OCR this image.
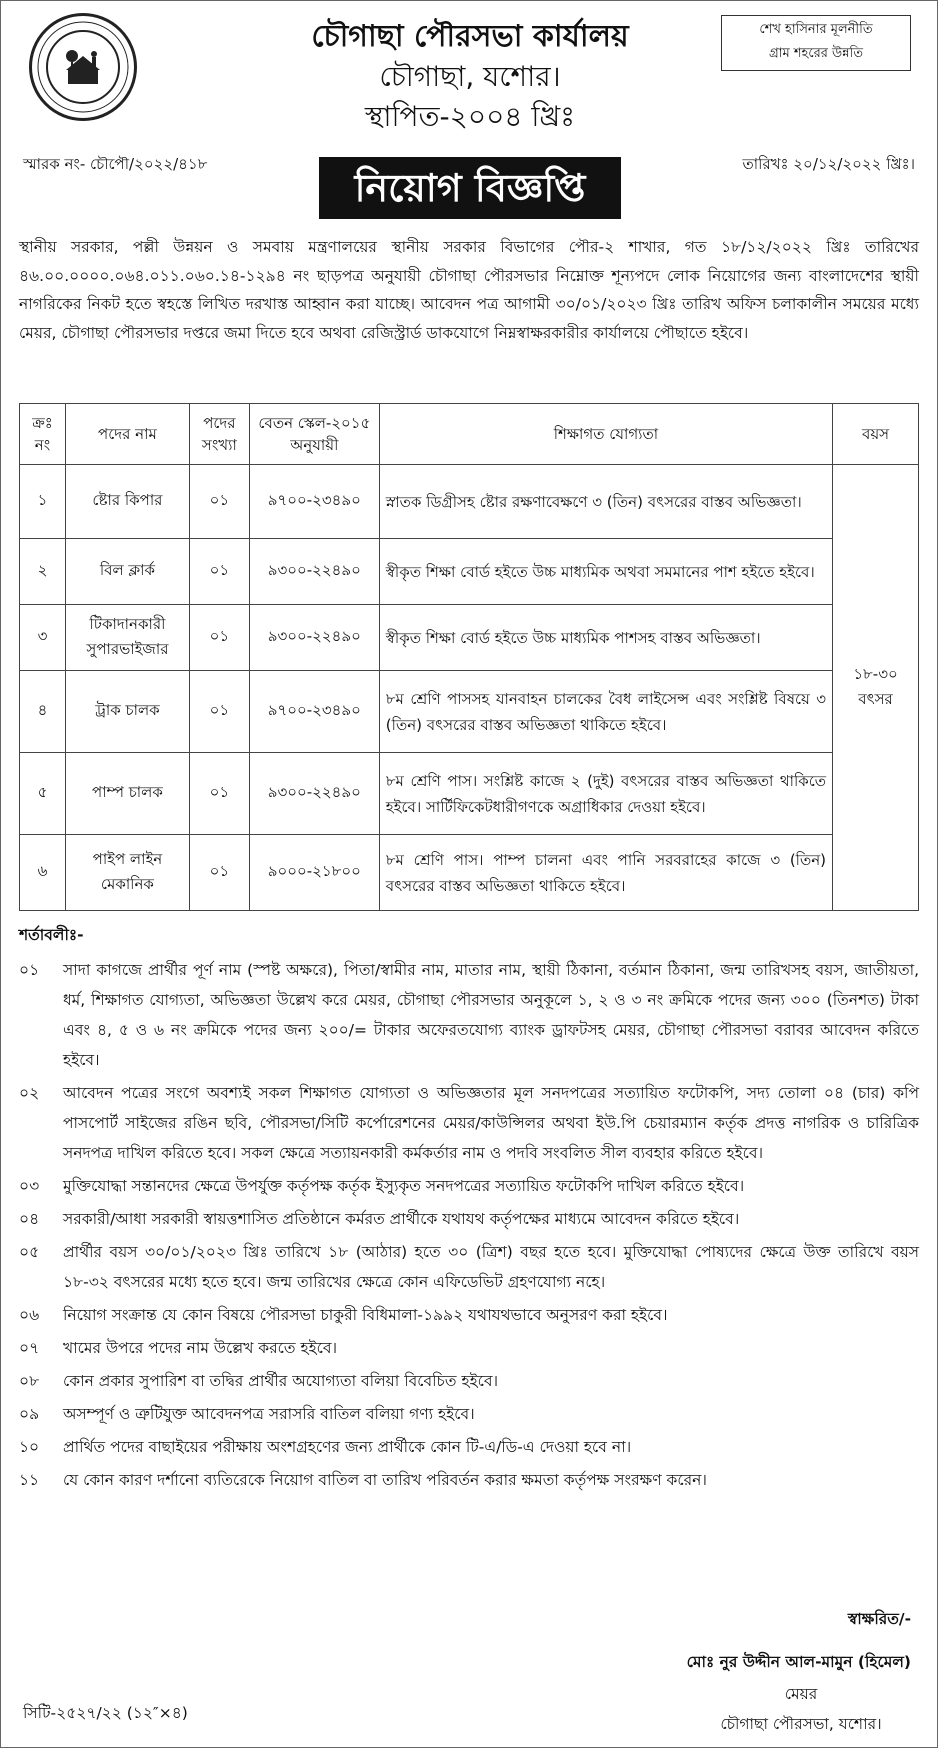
চৌগাছা পৌরসভা কার্যালয়
চৌগাছা, যশোর।
স্থাপিত-২০০৪ খ্রিঃ
শেখ হাসিনার মূলনীতি
গ্রাম শহরের উন্নতি
স্মারক নং- চৌপৌ/২০২২/৪১৮	তারিখঃ ২০/১২/২০২২ খ্রিঃ।
নিয়োগ বিজ্ঞপ্তি
স্থানীয় সরকার, পল্লী উন্নয়ন ও সমবায় মন্ত্রণালয়ের স্থানীয় সরকার বিভাগের পৌর-২ শাখার, গত ১৮/১২/২০২২ খ্রিঃ তারিখের ৪৬.০০.০০০০.০৬৪.০১১.০৬০.১৪-১২৯৪ নং ছাড়পত্র অনুযায়ী চৌগাছা পৌরসভার নিম্নোক্ত শূন্যপদে লোক নিয়োগের জন্য বাংলাদেশের স্থায়ী নাগরিকের নিকট হতে স্বহস্তে লিখিত দরখাস্ত আহ্বান করা যাচ্ছে। আবেদন পত্র আগামী ৩০/০১/২০২৩ খ্রিঃ তারিখ অফিস চলাকালীন সময়ের মধ্যে মেয়র, চৌগাছা পৌরসভার দপ্তরে জমা দিতে হবে অথবা রেজিস্ট্রার্ড ডাকযোগে নিম্নস্বাক্ষরকারীর কার্যালয়ে পৌছাতে হইবে।
ক্রঃ নং	পদের নাম	পদের সংখ্যা	বেতন স্কেল-২০১৫ অনুযায়ী	শিক্ষাগত যোগ্যতা	বয়স
১	ষ্টোর কিপার	০১	৯৭০০-২৩৪৯০	স্নাতক ডিগ্রীসহ ষ্টোর রক্ষণাবেক্ষণে ৩ (তিন) বৎসরের বাস্তব অভিজ্ঞতা।	১৮-৩০ বৎসর
২	বিল ক্লার্ক	০১	৯৩০০-২২৪৯০	স্বীকৃত শিক্ষা বোর্ড হইতে উচ্চ মাধ্যমিক অথবা সমমানের পাশ হইতে হইবে।	
৩	টিকাদানকারী সুপারভাইজার	০১	৯৩০০-২২৪৯০	স্বীকৃত শিক্ষা বোর্ড হইতে উচ্চ মাধ্যমিক পাশসহ বাস্তব অভিজ্ঞতা।	
৪	ট্রাক চালক	০১	৯৭০০-২৩৪৯০	৮ম শ্রেণি পাসসহ যানবাহন চালকের বৈধ লাইসেন্স এবং সংশ্লিষ্ট বিষয়ে ৩ (তিন) বৎসরের বাস্তব অভিজ্ঞতা থাকিতে হইবে।	
৫	পাম্প চালক	০১	৯৩০০-২২৪৯০	৮ম শ্রেণি পাস। সংশ্লিষ্ট কাজে ২ (দুই) বৎসরের বাস্তব অভিজ্ঞতা থাকিতে হইবে। সার্টিফিকেটধারীগণকে অগ্রাধিকার দেওয়া হইবে।	
৬	পাইপ লাইন মেকানিক	০১	৯০০০-২১৮০০	৮ম শ্রেণি পাস। পাম্প চালনা এবং পানি সরবরাহের কাজে ৩ (তিন) বৎসরের বাস্তব অভিজ্ঞতা থাকিতে হইবে।	
শর্তাবলীঃ-
০১	সাদা কাগজে প্রার্থীর পূর্ণ নাম (স্পষ্ট অক্ষরে), পিতা/স্বামীর নাম, মাতার নাম, স্থায়ী ঠিকানা, বর্তমান ঠিকানা, জন্ম তারিখসহ বয়স, জাতীয়তা, ধর্ম, শিক্ষাগত যোগ্যতা, অভিজ্ঞতা উল্লেখ করে মেয়র, চৌগাছা পৌরসভার অনুকূলে ১, ২ ও ৩ নং ক্রমিকে পদের জন্য ৩০০ (তিনশত) টাকা এবং ৪, ৫ ও ৬ নং ক্রমিকে পদের জন্য ২০০/= টাকার অফেরতযোগ্য ব্যাংক ড্রাফটসহ মেয়র, চৌগাছা পৌরসভা বরাবর আবেদন করিতে হইবে।
০২	আবেদন পত্রের সংগে অবশ্যই সকল শিক্ষাগত যোগ্যতা ও অভিজ্ঞতার মূল সনদপত্রের সত্যায়িত ফটোকপি, সদ্য তোলা ০৪ (চার) কপি পাসপোর্ট সাইজের রঙিন ছবি, পৌরসভা/সিটি কর্পোরেশনের মেয়র/কাউন্সিলর অথবা ইউ.পি চেয়ারম্যান কর্তৃক প্রদত্ত নাগরিক ও চারিত্রিক সনদপত্র দাখিল করিতে হবে। সকল ক্ষেত্রে সত্যায়নকারী কর্মকর্তার নাম ও পদবি সংবলিত সীল ব্যবহার করিতে হইবে।
০৩	মুক্তিযোদ্ধা সন্তানদের ক্ষেত্রে উপর্যুক্ত কর্তৃপক্ষ কর্তৃক ইস্যুকৃত সনদপত্রের সত্যায়িত ফটোকপি দাখিল করিতে হইবে।
০৪	সরকারী/আধা সরকারী স্বায়ত্তশাসিত প্রতিষ্ঠানে কর্মরত প্রার্থীকে যথাযথ কর্তৃপক্ষের মাধ্যমে আবেদন করিতে হইবে।
০৫	প্রার্থীর বয়স ৩০/০১/২০২৩ খ্রিঃ তারিখে ১৮ (আঠার) হতে ৩০ (ত্রিশ) বছর হতে হবে। মুক্তিযোদ্ধা পোষ্যদের ক্ষেত্রে উক্ত তারিখে বয়স ১৮-৩২ বৎসরের মধ্যে হতে হবে। জন্ম তারিখের ক্ষেত্রে কোন এফিডেভিট গ্রহণযোগ্য নহে।
০৬	নিয়োগ সংক্রান্ত যে কোন বিষয়ে পৌরসভা চাকুরী বিধিমালা-১৯৯২ যথাযথভাবে অনুসরণ করা হইবে।
০৭	খামের উপরে পদের নাম উল্লেখ করতে হইবে।
০৮	কোন প্রকার সুপারিশ বা তদ্বির প্রার্থীর অযোগ্যতা বলিয়া বিবেচিত হইবে।
০৯	অসম্পূর্ণ ও ত্রুটিযুক্ত আবেদনপত্র সরাসরি বাতিল বলিয়া গণ্য হইবে।
১০	প্রার্থিত পদের বাছাইয়ের পরীক্ষায় অংশগ্রহণের জন্য প্রার্থীকে কোন টি-এ/ডি-এ দেওয়া হবে না।
১১	যে কোন কারণ দর্শানো ব্যতিরেকে নিয়োগ বাতিল বা তারিখ পরিবর্তন করার ক্ষমতা কর্তৃপক্ষ সংরক্ষণ করেন।
স্বাক্ষরিত/-
মোঃ নুর উদ্দীন আল-মামুন (হিমেল)
মেয়র
চৌগাছা পৌরসভা, যশোর।
সিটি-২৫২৭/২২ (১২″×৪)
